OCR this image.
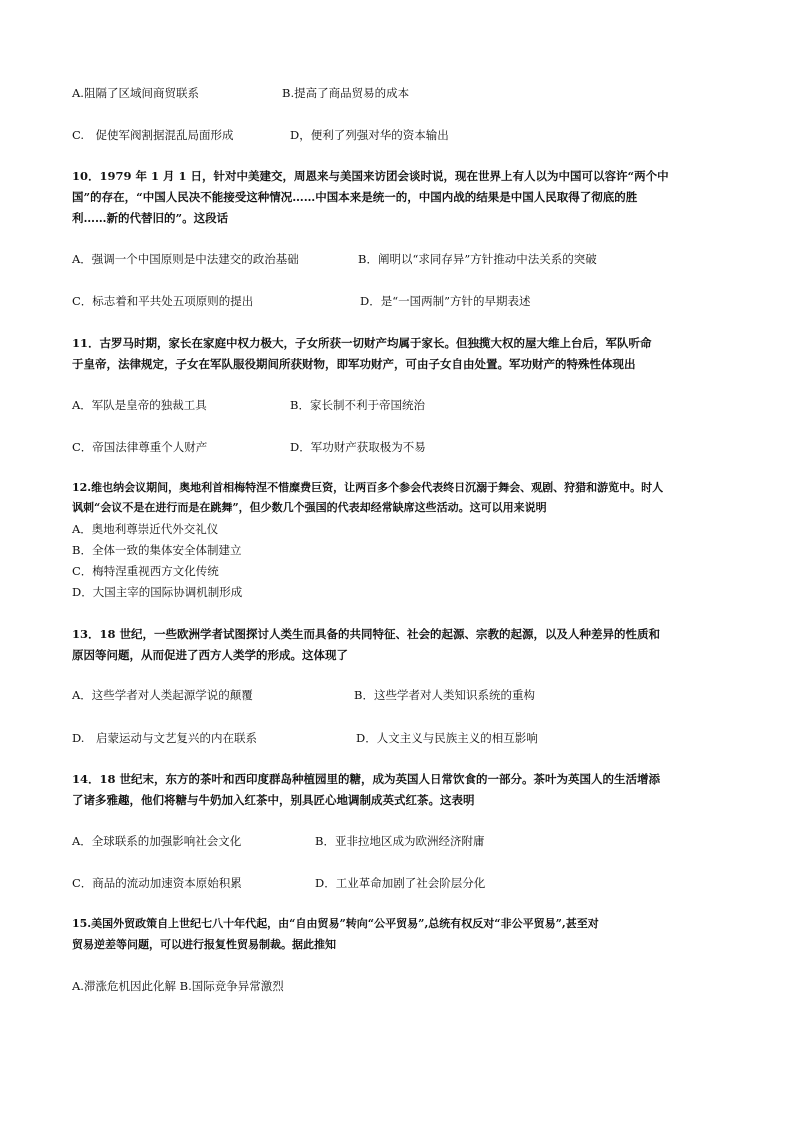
A.阻隔了区域间商贸联系	B.提高了商品贸易的成本
C.　促使军阀割据混乱局面形成	D，便利了列强对华的资本输出
10．1979 年 1 月 1 日，针对中美建交，周恩来与美国来访团会谈时说，现在世界上有人以为中国可以容许“两个中
国”的存在，“中国人民决不能接受这种情况……中国本来是统一的，中国内战的结果是中国人民取得了彻底的胜
利……新的代替旧的”。这段话
A．强调一个中国原则是中法建交的政治基础	B．阐明以“求同存异”方针推动中法关系的突破
C．标志着和平共处五项原则的提出	D．是“一国两制”方针的早期表述
11．古罗马时期，家长在家庭中权力极大，子女所获一切财产均属于家长。但独揽大权的屋大维上台后，军队听命
于皇帝，法律规定，子女在军队服役期间所获财物，即军功财产，可由子女自由处置。军功财产的特殊性体现出
A．军队是皇帝的独裁工具	B．家长制不利于帝国统治
C．帝国法律尊重个人财产	D．军功财产获取极为不易
12.维也纳会议期间，奥地利首相梅特涅不惜糜费巨资，让两百多个参会代表终日沉溺于舞会、观剧、狩猎和游览中。时人
讽刺“会议不是在进行而是在跳舞”，但少数几个强国的代表却经常缺席这些活动。这可以用来说明
A．奥地利尊崇近代外交礼仪
B．全体一致的集体安全体制建立
C．梅特涅重视西方文化传统
D．大国主宰的国际协调机制形成
13．18 世纪，一些欧洲学者试图探讨人类生而具备的共同特征、社会的起源、宗教的起源，以及人种差异的性质和
原因等问题，从而促进了西方人类学的形成。这体现了
A．这些学者对人类起源学说的颠覆	B．这些学者对人类知识系统的重构
D.　启蒙运动与文艺复兴的内在联系	D．人文主义与民族主义的相互影响
14．18 世纪末，东方的茶叶和西印度群岛种植园里的糖，成为英国人日常饮食的一部分。茶叶为英国人的生活增添
了诸多雅趣，他们将糖与牛奶加入红茶中，别具匠心地调制成英式红茶。这表明
A．全球联系的加强影响社会文化	B．亚非拉地区成为欧洲经济附庸
C．商品的流动加速资本原始积累	D．工业革命加剧了社会阶层分化
15.美国外贸政策自上世纪七八十年代起，由“自由贸易”转向“公平贸易”,总统有权反对“非公平贸易”,甚至对
贸易逆差等问题，可以进行报复性贸易制裁。据此推知
A.滞涨危机因此化解 B.国际竞争异常激烈
